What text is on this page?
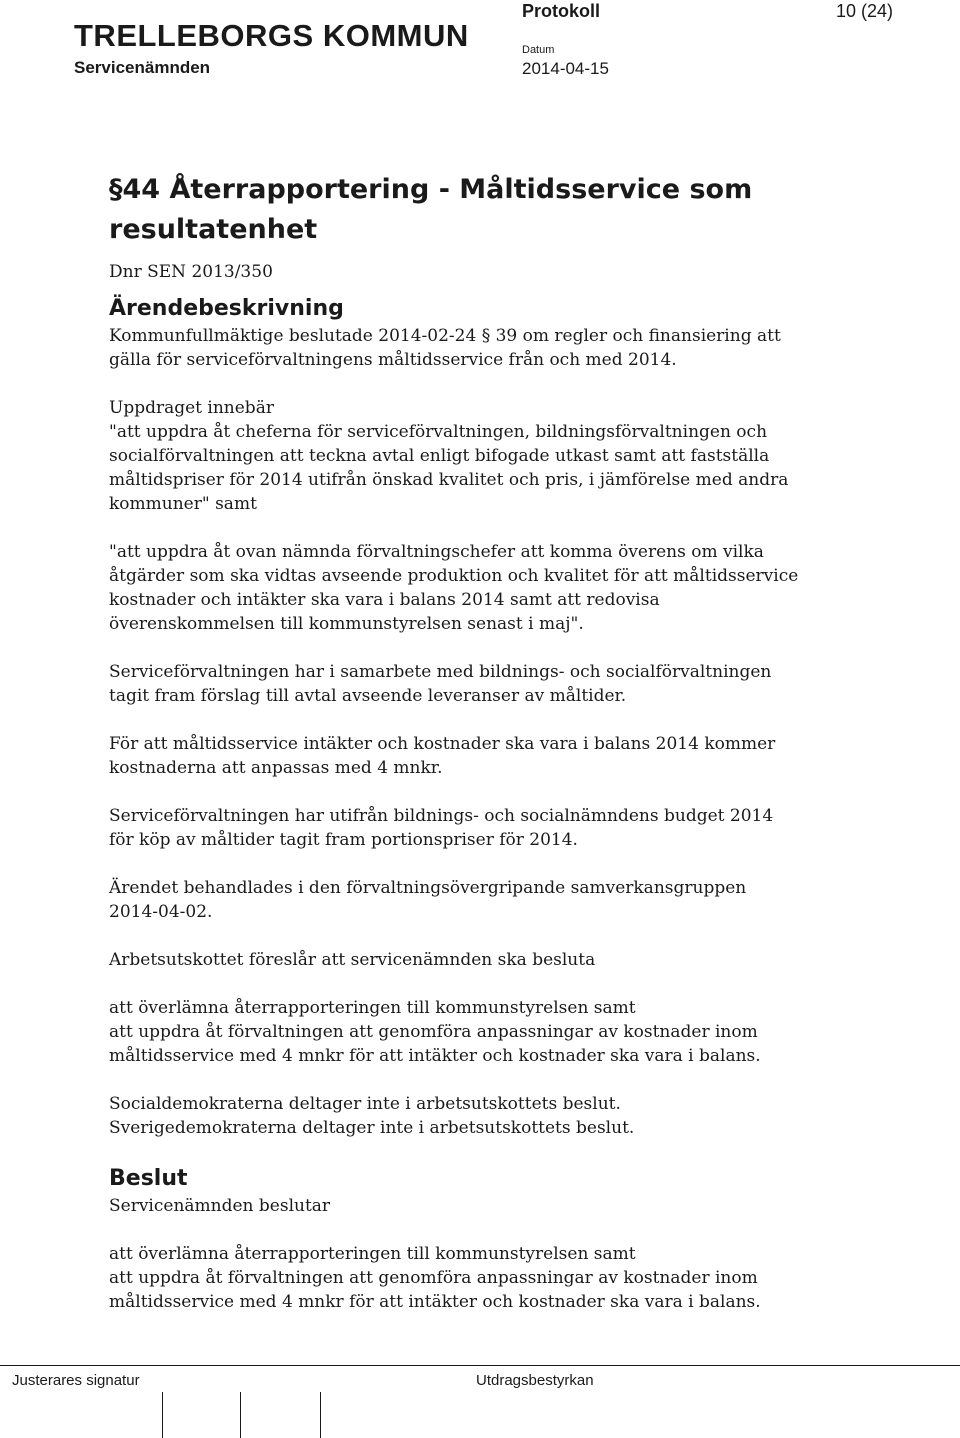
TRELLEBORGS KOMMUN
Servicenämnden
Protokoll	10 (24)
Datum
2014-04-15
§44 Återrapportering - Måltidsservice som resultatenhet

Dnr SEN 2013/350

Ärendebeskrivning

Kommunfullmäktige beslutade 2014-02-24 § 39 om regler och finansiering att gälla för serviceförvaltningens måltidsservice från och med 2014.

Uppdraget innebär

"att uppdra åt cheferna för serviceförvaltningen, bildningsförvaltningen och socialförvaltningen att teckna avtal enligt bifogade utkast samt att fastställa måltidspriser för 2014 utifrån önskad kvalitet och pris, i jämförelse med andra kommuner" samt

"att uppdra åt ovan nämnda förvaltningschefer att komma överens om vilka åtgärder som ska vidtas avseende produktion och kvalitet för att måltidsservice kostnader och intäkter ska vara i balans 2014 samt att redovisa överenskommelsen till kommunstyrelsen senast i maj".

Serviceförvaltningen har i samarbete med bildnings- och socialförvaltningen tagit fram förslag till avtal avseende leveranser av måltider.

För att måltidsservice intäkter och kostnader ska vara i balans 2014 kommer kostnaderna att anpassas med 4 mnkr.

Serviceförvaltningen har utifrån bildnings- och socialnämndens budget 2014 för köp av måltider tagit fram portionspriser för 2014.

Ärendet behandlades i den förvaltningsövergripande samverkansgruppen 2014-04-02.

Arbetsutskottet föreslår att servicenämnden ska besluta

att överlämna återrapporteringen till kommunstyrelsen samt

att uppdra åt förvaltningen att genomföra anpassningar av kostnader inom måltidsservice med 4 mnkr för att intäkter och kostnader ska vara i balans.

Socialdemokraterna deltager inte i arbetsutskottets beslut.

Sverigedemokraterna deltager inte i arbetsutskottets beslut.

Beslut

Servicenämnden beslutar

att överlämna återrapporteringen till kommunstyrelsen samt

att uppdra åt förvaltningen att genomföra anpassningar av kostnader inom måltidsservice med 4 mnkr för att intäkter och kostnader ska vara i balans.

Justerares signatur	Utdragsbestyrkan
